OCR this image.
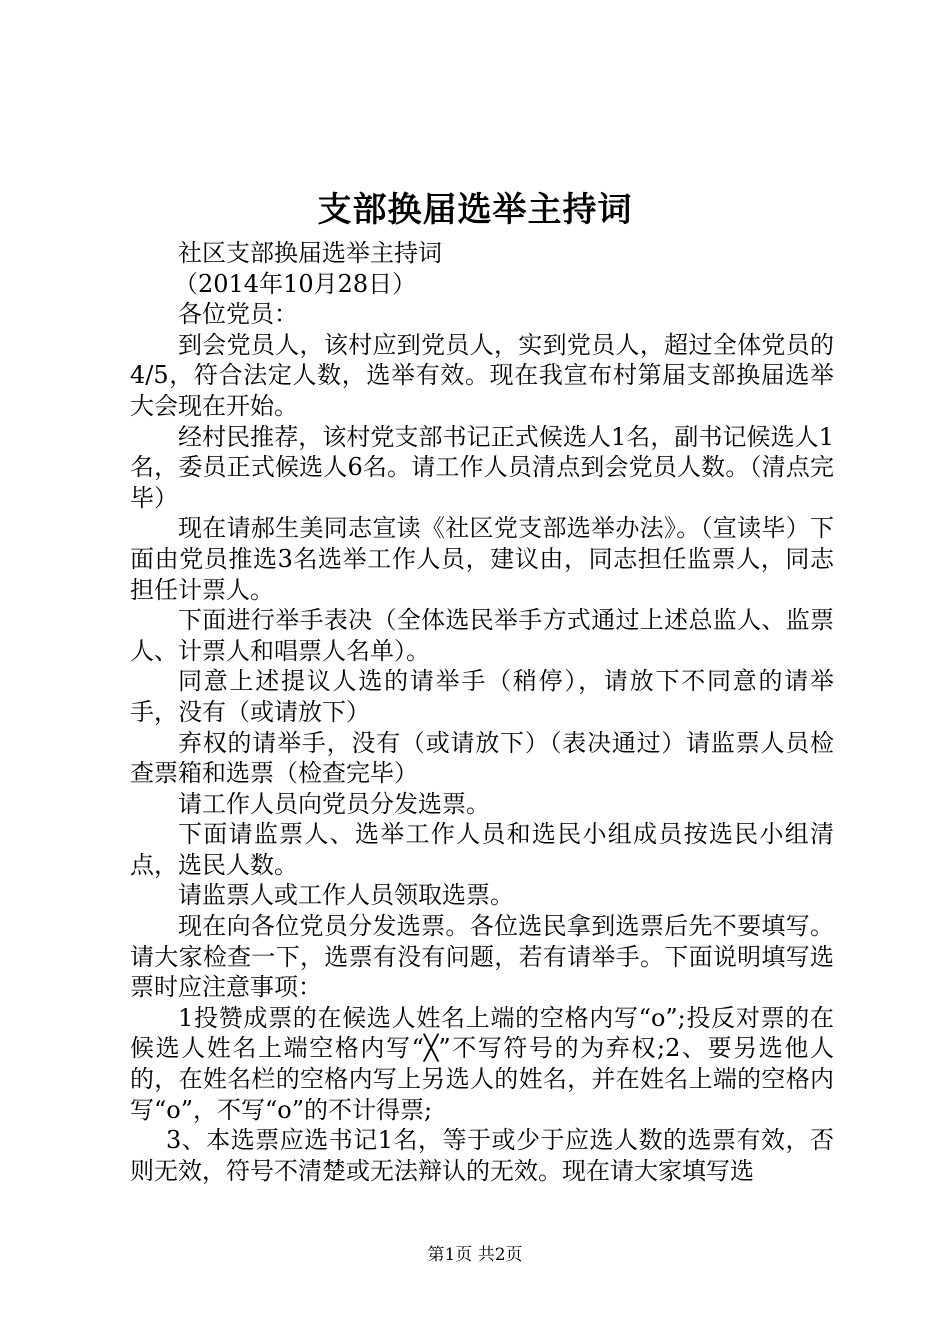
支部换届选举主持词

社区支部换届选举主持词

（2014年10月28日）

各位党员：

到会党员人，该村应到党员人，实到党员人，超过全体党员的4/5，符合法定人数，选举有效。现在我宣布村第届支部换届选举大会现在开始。

经村民推荐，该村党支部书记正式候选人1名，副书记候选人1名，委员正式候选人6名。请工作人员清点到会党员人数。（清点完毕）

现在请郝生美同志宣读《社区党支部选举办法》。（宣读毕）下面由党员推选3名选举工作人员，建议由，同志担任监票人，同志担任计票人。

下面进行举手表决（全体选民举手方式通过上述总监人、监票人、计票人和唱票人名单）。

同意上述提议人选的请举手（稍停），请放下不同意的请举手，没有（或请放下）

弃权的请举手，没有（或请放下）（表决通过）请监票人员检查票箱和选票（检查完毕）

请工作人员向党员分发选票。

下面请监票人、选举工作人员和选民小组成员按选民小组清点，选民人数。

请监票人或工作人员领取选票。

现在向各位党员分发选票。各位选民拿到选票后先不要填写。请大家检查一下，选票有没有问题，若有请举手。下面说明填写选票时应注意事项：

1投赞成票的在候选人姓名上端的空格内写“o”;投反对票的在候选人姓名上端空格内写“╳”不写符号的为弃权;2、要另选他人的，在姓名栏的空格内写上另选人的姓名，并在姓名上端的空格内写“o”，不写“o”的不计得票;

3、本选票应选书记1名，等于或少于应选人数的选票有效，否则无效，符号不清楚或无法辩认的无效。现在请大家填写选

第1页 共2页
